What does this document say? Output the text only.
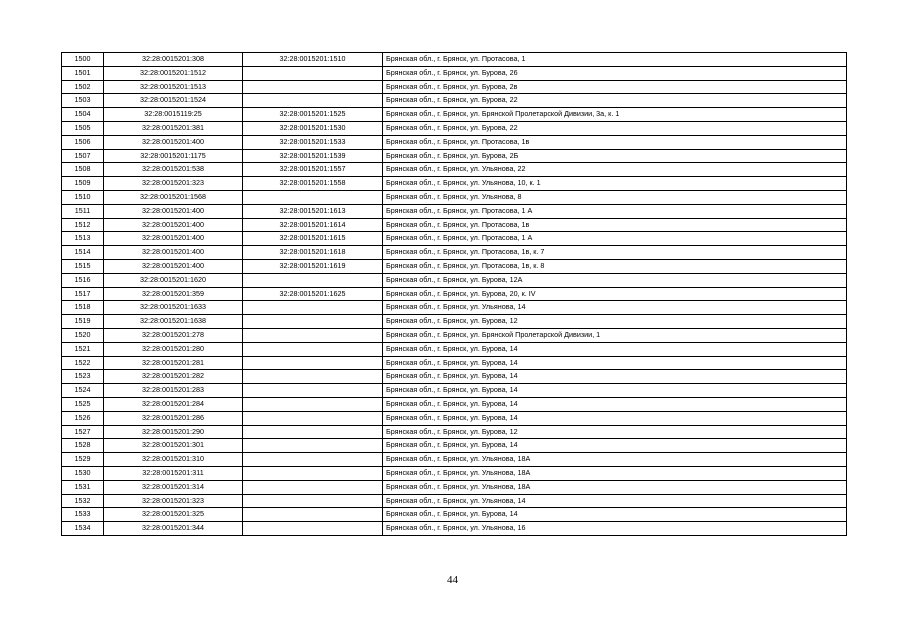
1500	32:28:0015201:308	32:28:0015201:1510	Брянская обл., г. Брянск, ул. Протасова, 1
1501	32:28:0015201:1512		Брянская обл., г. Брянск, ул. Бурова, 26
1502	32:28:0015201:1513		Брянская обл., г. Брянск, ул. Бурова, 2в
1503	32:28:0015201:1524		Брянская обл., г. Брянск, ул. Бурова, 22
1504	32:28:0015119:25	32:28:0015201:1525	Брянская обл., г. Брянск, ул. Брянской Пролетарской Дивизии, 3а, к. 1
1505	32:28:0015201:381	32:28:0015201:1530	Брянская обл., г. Брянск, ул. Бурова, 22
1506	32:28:0015201:400	32:28:0015201:1533	Брянская обл., г. Брянск, ул. Протасова, 1в
1507	32:28:0015201:1175	32:28:0015201:1539	Брянская обл., г. Брянск, ул. Бурова, 2Б
1508	32:28:0015201:538	32:28:0015201:1557	Брянская обл., г. Брянск, ул. Ульянова, 22
1509	32:28:0015201:323	32:28:0015201:1558	Брянская обл., г. Брянск, ул. Ульянова, 10, к. 1
1510	32:28:0015201:1568		Брянская обл., г. Брянск, ул. Ульянова, 8
1511	32:28:0015201:400	32:28:0015201:1613	Брянская обл., г. Брянск, ул. Протасова, 1 А
1512	32:28:0015201:400	32:28:0015201:1614	Брянская обл., г. Брянск, ул. Протасова, 1в
1513	32:28:0015201:400	32:28:0015201:1615	Брянская обл., г. Брянск, ул. Протасова, 1 А
1514	32:28:0015201:400	32:28:0015201:1618	Брянская обл., г. Брянск, ул. Протасова, 1в, к. 7
1515	32:28:0015201:400	32:28:0015201:1619	Брянская обл., г. Брянск, ул. Протасова, 1в, к. 8
1516	32:28:0015201:1620		Брянская обл., г. Брянск, ул. Бурова, 12А
1517	32:28:0015201:359	32:28:0015201:1625	Брянская обл., г. Брянск, ул. Бурова, 20, к. IV
1518	32:28:0015201:1633		Брянская обл., г. Брянск, ул. Ульянова, 14
1519	32:28:0015201:1638		Брянская обл., г. Брянск, ул. Бурова, 12
1520	32:28:0015201:278		Брянская обл., г. Брянск, ул. Брянской Пролетарской Дивизии, 1
1521	32:28:0015201:280		Брянская обл., г. Брянск, ул. Бурова, 14
1522	32:28:0015201:281		Брянская обл., г. Брянск, ул. Бурова, 14
1523	32:28:0015201:282		Брянская обл., г. Брянск, ул. Бурова, 14
1524	32:28:0015201:283		Брянская обл., г. Брянск, ул. Бурова, 14
1525	32:28:0015201:284		Брянская обл., г. Брянск, ул. Бурова, 14
1526	32:28:0015201:286		Брянская обл., г. Брянск, ул. Бурова, 14
1527	32:28:0015201:290		Брянская обл., г. Брянск, ул. Бурова, 12
1528	32:28:0015201:301		Брянская обл., г. Брянск, ул. Бурова, 14
1529	32:28:0015201:310		Брянская обл., г. Брянск, ул. Ульянова, 18А
1530	32:28:0015201:311		Брянская обл., г. Брянск, ул. Ульянова, 18А
1531	32:28:0015201:314		Брянская обл., г. Брянск, ул. Ульянова, 18А
1532	32:28:0015201:323		Брянская обл., г. Брянск, ул. Ульянова, 14
1533	32:28:0015201:325		Брянская обл., г. Брянск, ул. Бурова, 14
1534	32:28:0015201:344		Брянская обл., г. Брянск, ул. Ульянова, 16
44
